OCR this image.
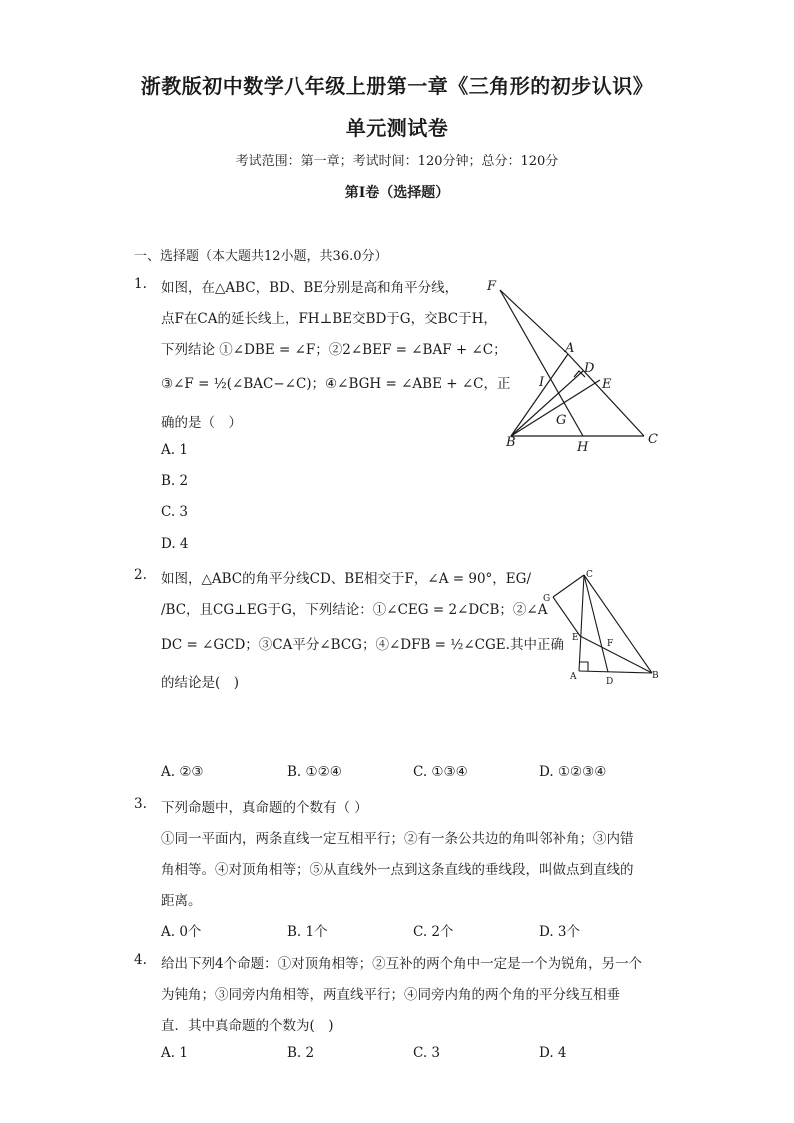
浙教版初中数学八年级上册第一章《三角形的初步认识》
单元测试卷
考试范围：第一章；考试时间：120分钟；总分：120分
第I卷（选择题）
一、选择题（本大题共12小题，共36.0分）
1. 如图，在△ABC，BD、BE分别是高和角平分线，
点F在CA的延长线上，FH⊥BE交BD于G，交BC于H，
下列结论 ①∠DBE = ∠F；②2∠BEF = ∠BAF + ∠C；
③∠F = ½(∠BAC−∠C)；④∠BGH = ∠ABE + ∠C，正
确的是（　）
A. 1
B. 2
C. 3
D. 4
F
A
D
I	E
G
B	H
C
2. 如图，△ABC的角平分线CD、BE相交于F，∠A = 90°，EG/
/BC，且CG⊥EG于G，下列结论：①∠CEG = 2∠DCB；②∠A
DC = ∠GCD；③CA平分∠BCG；④∠DFB = ½∠CGE.其中正确
的结论是(　)
C
G
E
F
A	D
B
A. ②③	B. ①②④	C. ①③④	D. ①②③④
3. 下列命题中，真命题的个数有（ ）
①同一平面内，两条直线一定互相平行；②有一条公共边的角叫邻补角；③内错
角相等。④对顶角相等；⑤从直线外一点到这条直线的垂线段，叫做点到直线的
距离。
A. 0个	B. 1个	C. 2个	D. 3个
4. 给出下列4个命题：①对顶角相等；②互补的两个角中一定是一个为锐角，另一个
为钝角；③同旁内角相等，两直线平行；④同旁内角的两个角的平分线互相垂
直．其中真命题的个数为(　)
A. 1	B. 2	C. 3	D. 4
